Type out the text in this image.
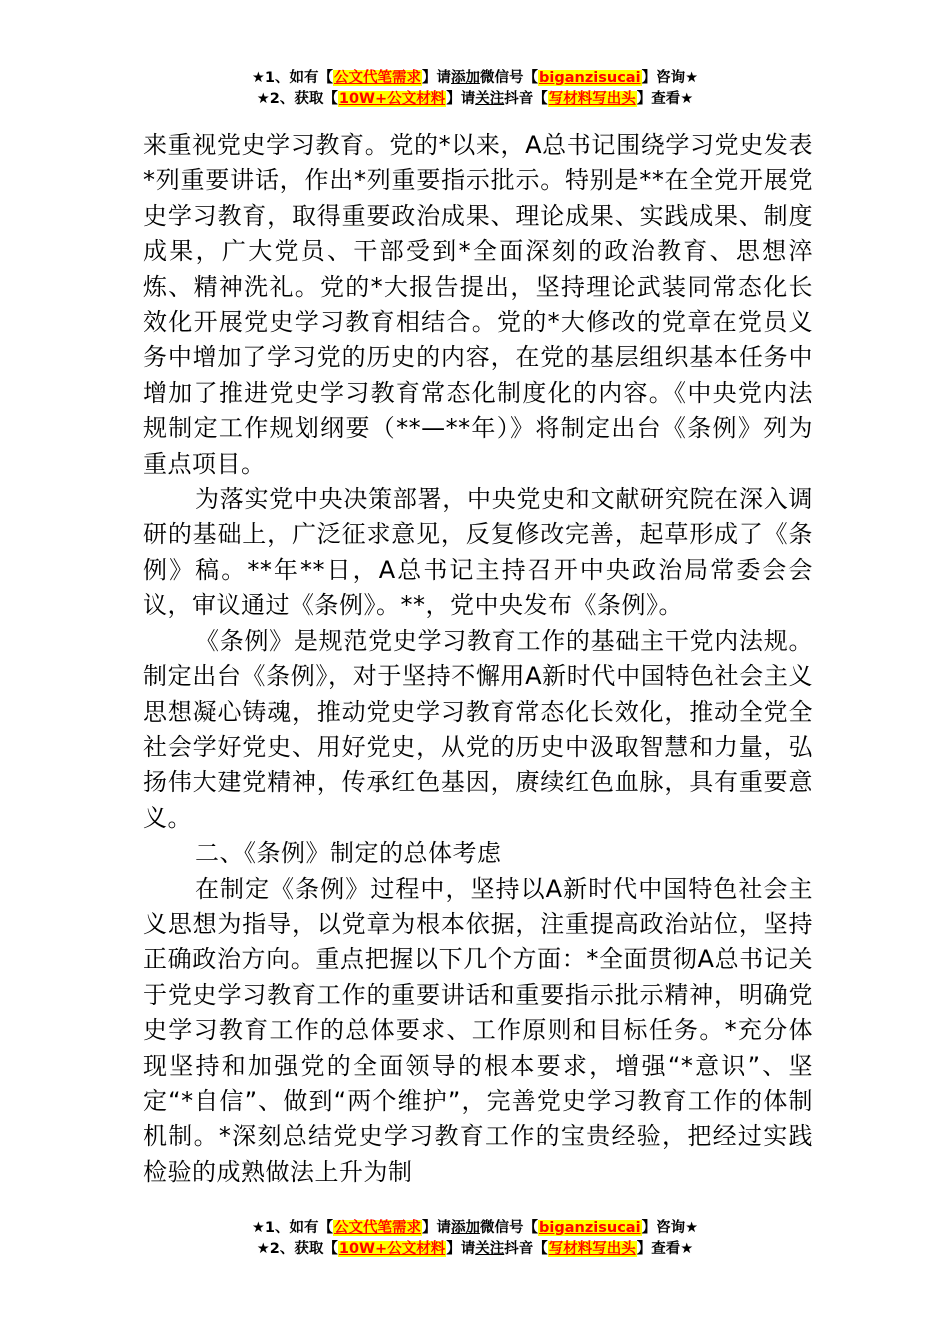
★1、如有【公文代笔需求】请添加微信号【biganzisucai】咨询★
★2、获取【10W+公文材料】请关注抖音【写材料写出头】查看★

来重视党史学习教育。党的*以来，A总书记围绕学习党史发表*列重要讲话，作出*列重要指示批示。特别是**在全党开展党史学习教育，取得重要政治成果、理论成果、实践成果、制度成果，广大党员、干部受到*全面深刻的政治教育、思想淬炼、精神洗礼。党的*大报告提出，坚持理论武装同常态化长效化开展党史学习教育相结合。党的*大修改的党章在党员义务中增加了学习党的历史的内容，在党的基层组织基本任务中增加了推进党史学习教育常态化制度化的内容。《中央党内法规制定工作规划纲要（**—**年）》将制定出台《条例》列为重点项目。

为落实党中央决策部署，中央党史和文献研究院在深入调研的基础上，广泛征求意见，反复修改完善，起草形成了《条例》稿。**年**日，A总书记主持召开中央政治局常委会会议，审议通过《条例》。**，党中央发布《条例》。

《条例》是规范党史学习教育工作的基础主干党内法规。制定出台《条例》，对于坚持不懈用A新时代中国特色社会主义思想凝心铸魂，推动党史学习教育常态化长效化，推动全党全社会学好党史、用好党史，从党的历史中汲取智慧和力量，弘扬伟大建党精神，传承红色基因，赓续红色血脉，具有重要意义。

二、《条例》制定的总体考虑

在制定《条例》过程中，坚持以A新时代中国特色社会主义思想为指导，以党章为根本依据，注重提高政治站位，坚持正确政治方向。重点把握以下几个方面：*全面贯彻A总书记关于党史学习教育工作的重要讲话和重要指示批示精神，明确党史学习教育工作的总体要求、工作原则和目标任务。*充分体现坚持和加强党的全面领导的根本要求，增强“*意识”、坚定“*自信”、做到“两个维护”，完善党史学习教育工作的体制机制。*深刻总结党史学习教育工作的宝贵经验，把经过实践检验的成熟做法上升为制

★1、如有【公文代笔需求】请添加微信号【biganzisucai】咨询★
★2、获取【10W+公文材料】请关注抖音【写材料写出头】查看★
